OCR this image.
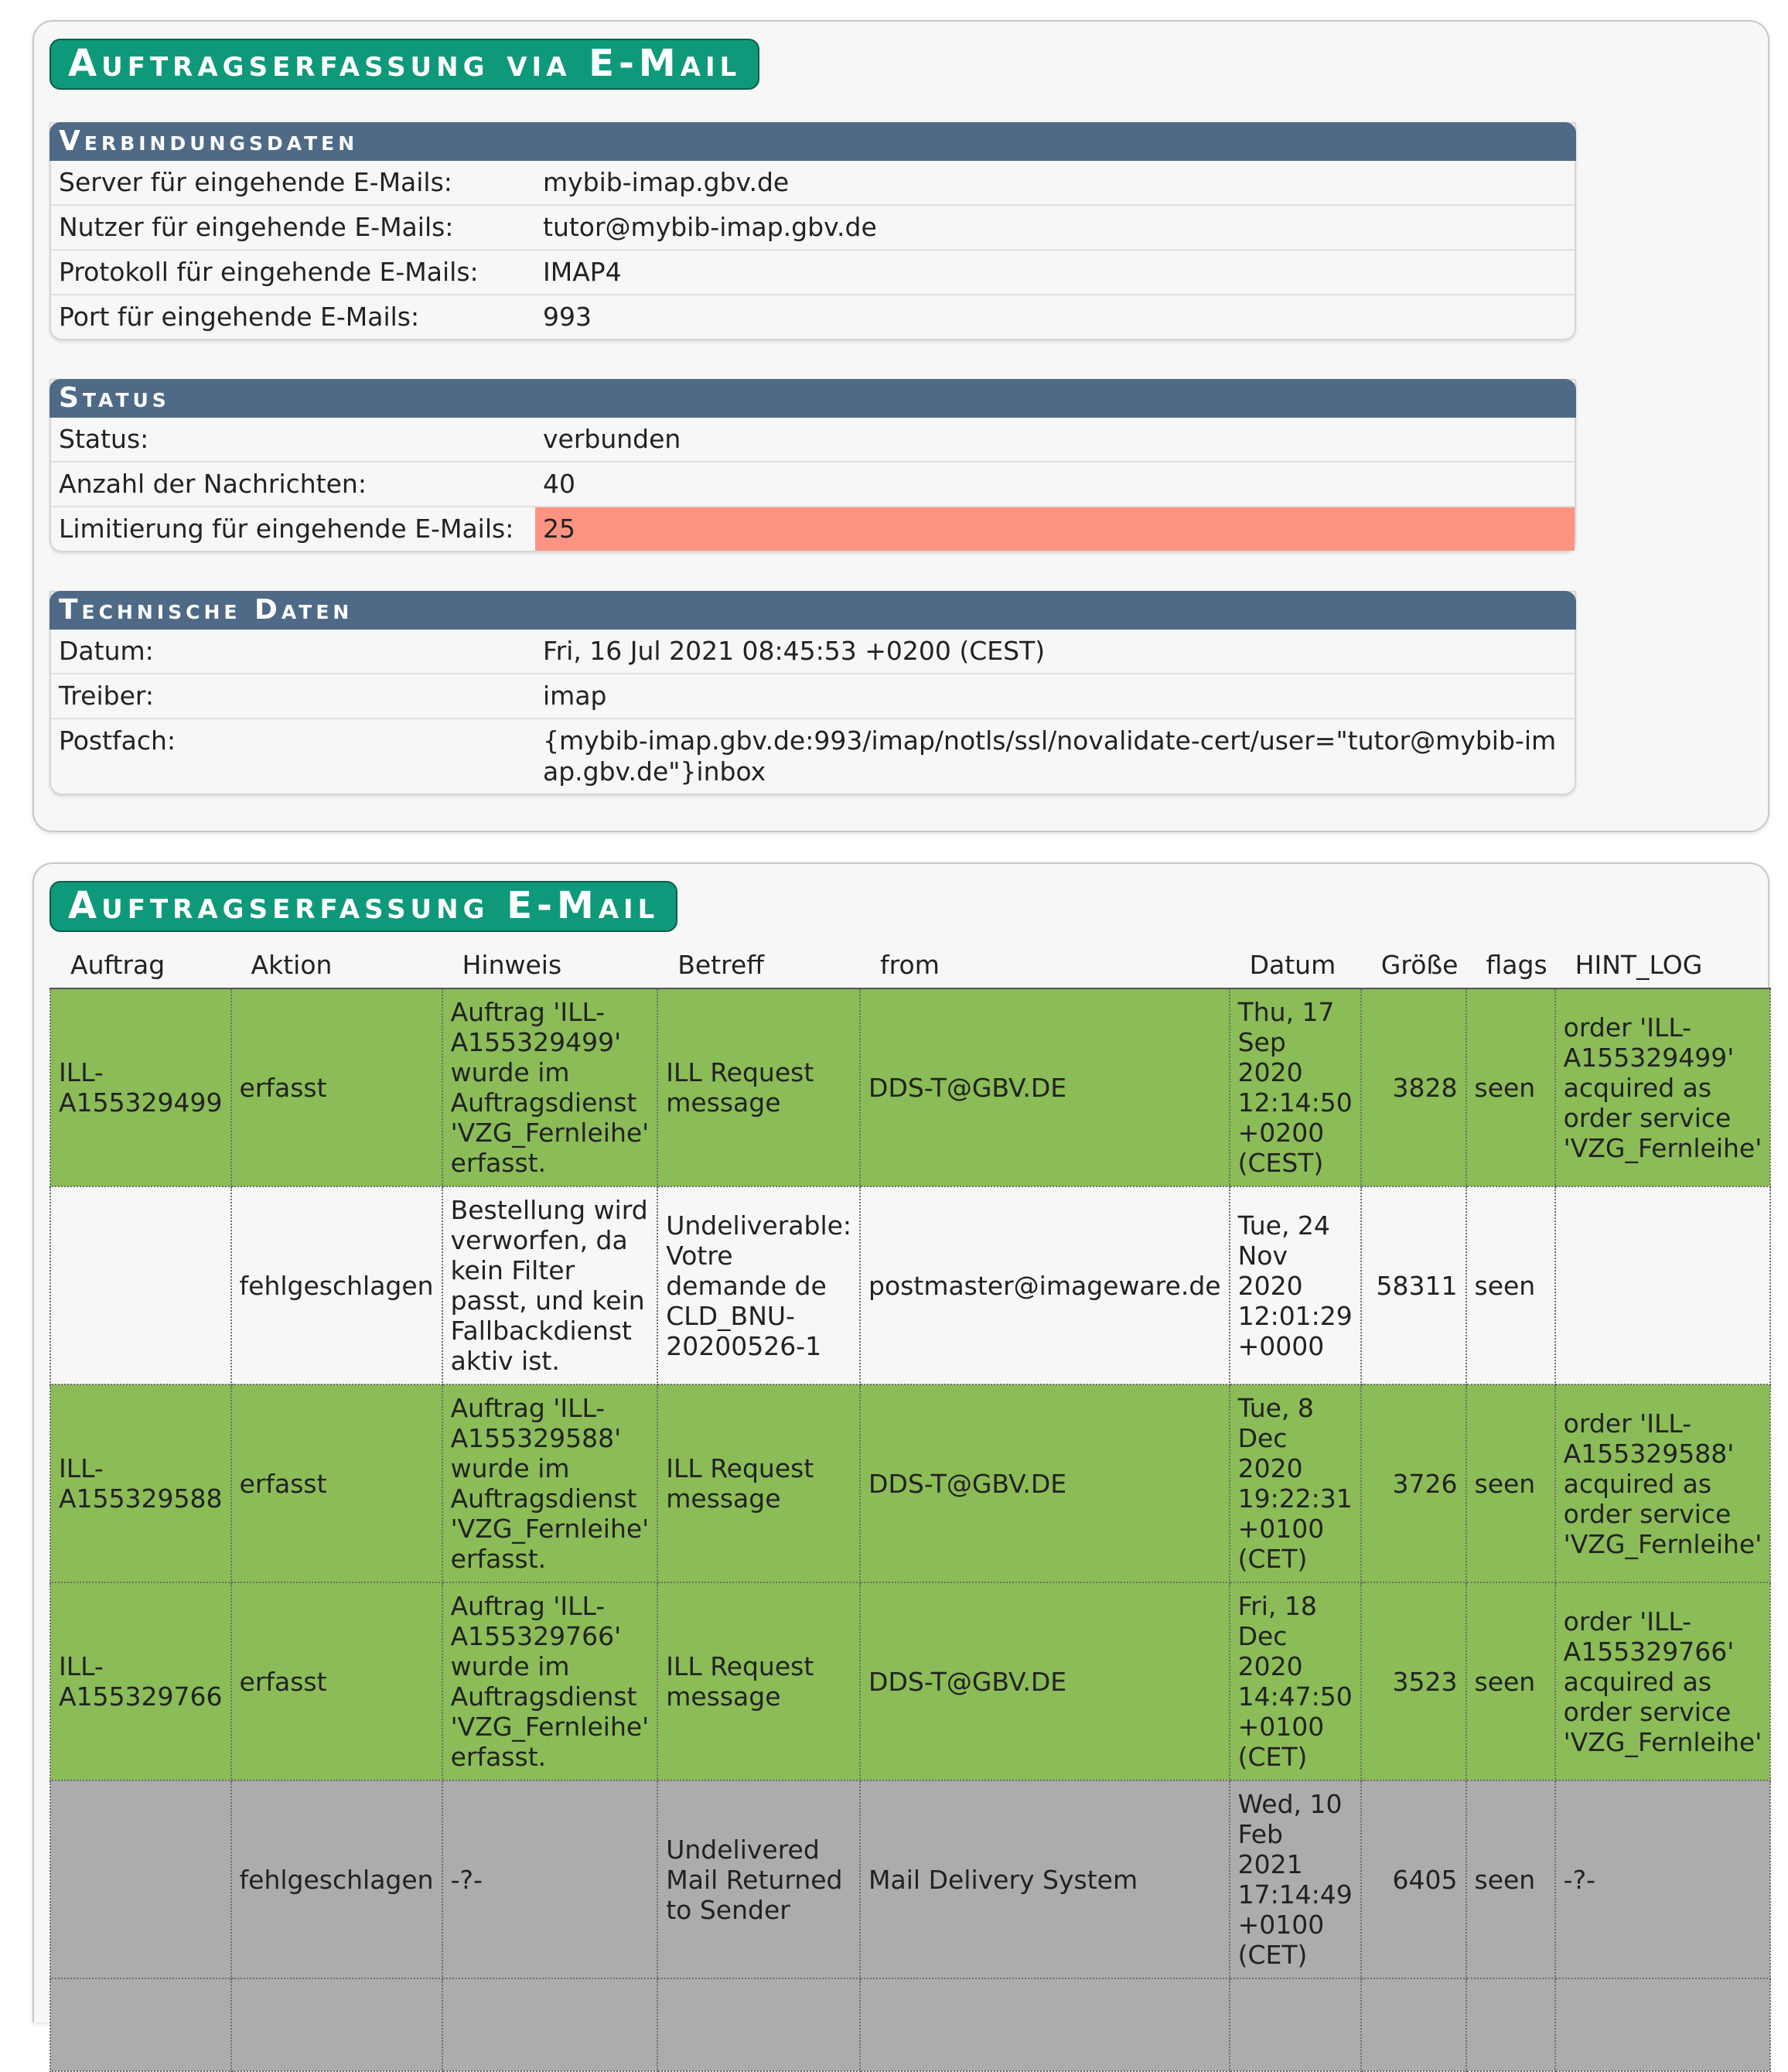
Auftragserfassung via E-Mail
Verbindungsdaten
Server für eingehende E-Mails:	mybib-imap.gbv.de
Nutzer für eingehende E-Mails:	tutor@mybib-imap.gbv.de
Protokoll für eingehende E-Mails:	IMAP4
Port für eingehende E-Mails:	993
Status
Status:	verbunden
Anzahl der Nachrichten:	40
Limitierung für eingehende E-Mails:	25
Technische Daten
Datum:	Fri, 16 Jul 2021 08:45:53 +0200 (CEST)
Treiber:	imap
Postfach:	{mybib-imap.gbv.de:993/imap/notls/ssl/novalidate-cert/user="tutor@mybib-imap.gbv.de"}inbox
Auftragserfassung E-Mail
Auftrag	Aktion	Hinweis	Betreff	from	Datum	Größe	flags	HINT_LOG
ILL-A155329499	erfasst	Auftrag 'ILL-A155329499' wurde im Auftragsdienst 'VZG_Fernleihe' erfasst.	ILL Request message	DDS-T@GBV.DE	Thu, 17 Sep 2020 12:14:50 +0200 (CEST)	3828	seen	order 'ILL-A155329499' acquired as order service 'VZG_Fernleihe'
	fehlgeschlagen	Bestellung wird verworfen, da kein Filter passt, und kein Fallbackdienst aktiv ist.	Undeliverable: Votre demande de CLD_BNU-20200526-1	postmaster@imageware.de	Tue, 24 Nov 2020 12:01:29 +0000	58311	seen	
ILL-A155329588	erfasst	Auftrag 'ILL-A155329588' wurde im Auftragsdienst 'VZG_Fernleihe' erfasst.	ILL Request message	DDS-T@GBV.DE	Tue, 8 Dec 2020 19:22:31 +0100 (CET)	3726	seen	order 'ILL-A155329588' acquired as order service 'VZG_Fernleihe'
ILL-A155329766	erfasst	Auftrag 'ILL-A155329766' wurde im Auftragsdienst 'VZG_Fernleihe' erfasst.	ILL Request message	DDS-T@GBV.DE	Fri, 18 Dec 2020 14:47:50 +0100 (CET)	3523	seen	order 'ILL-A155329766' acquired as order service 'VZG_Fernleihe'
	fehlgeschlagen	-?-	Undelivered Mail Returned to Sender	Mail Delivery System	Wed, 10 Feb 2021 17:14:49 +0100 (CET)	6405	seen	-?-
